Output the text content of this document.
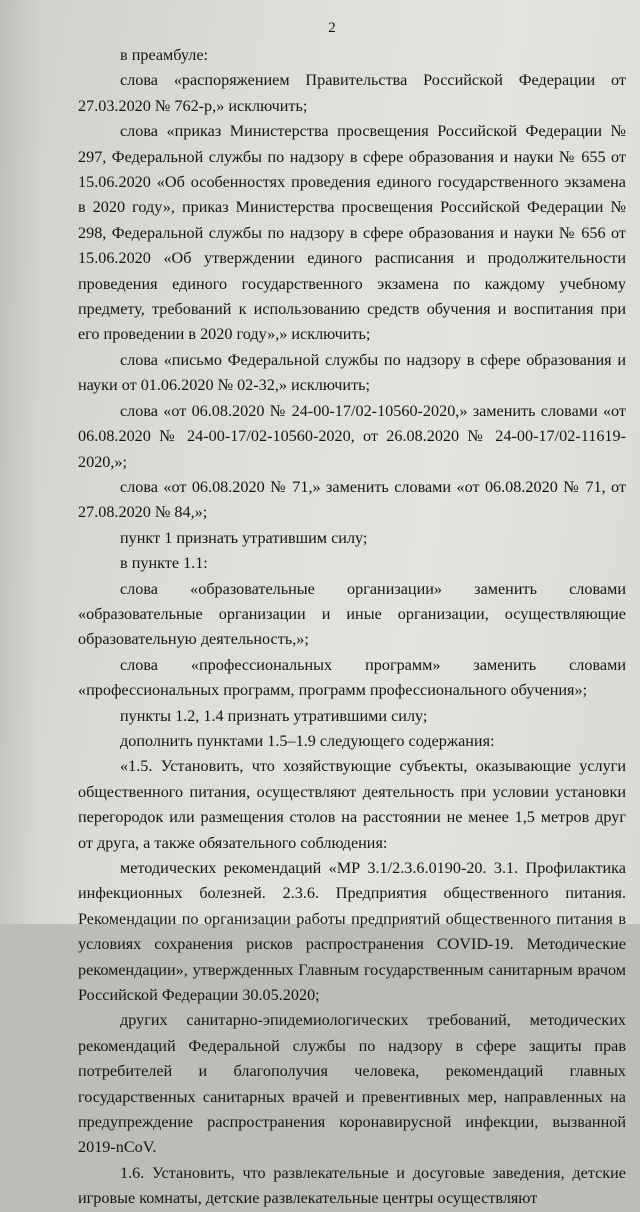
2

в преамбуле:

слова «распоряжением Правительства Российской Федерации от 27.03.2020 № 762-р,» исключить;

слова «приказ Министерства просвещения Российской Федерации № 297, Федеральной службы по надзору в сфере образования и науки № 655 от 15.06.2020 «Об особенностях проведения единого государственного экзамена в 2020 году», приказ Министерства просвещения Российской Федерации № 298, Федеральной службы по надзору в сфере образования и науки № 656 от 15.06.2020 «Об утверждении единого расписания и продолжительности проведения единого государственного экзамена по каждому учебному предмету, требований к использованию средств обучения и воспитания при его проведении в 2020 году»,» исключить;

слова «письмо Федеральной службы по надзору в сфере образования и науки от 01.06.2020 № 02-32,» исключить;

слова «от 06.08.2020 № 24-00-17/02-10560-2020,» заменить словами «от 06.08.2020 № 24-00-17/02-10560-2020, от 26.08.2020 № 24-00-17/02-11619-2020,»;

слова «от 06.08.2020 № 71,» заменить словами «от 06.08.2020 № 71, от 27.08.2020 № 84,»;

пункт 1 признать утратившим силу;

в пункте 1.1:

слова «образовательные организации» заменить словами «образовательные организации и иные организации, осуществляющие образовательную деятельность,»;

слова «профессиональных программ» заменить словами «профессиональных программ, программ профессионального обучения»;

пункты 1.2, 1.4 признать утратившими силу;

дополнить пунктами 1.5–1.9 следующего содержания:

«1.5. Установить, что хозяйствующие субъекты, оказывающие услуги общественного питания, осуществляют деятельность при условии установки перегородок или размещения столов на расстоянии не менее 1,5 метров друг от друга, а также обязательного соблюдения:

методических рекомендаций «МР 3.1/2.3.6.0190-20. 3.1. Профилактика инфекционных болезней. 2.3.6. Предприятия общественного питания. Рекомендации по организации работы предприятий общественного питания в условиях сохранения рисков распространения COVID-19. Методические рекомендации», утвержденных Главным государственным санитарным врачом Российской Федерации 30.05.2020;

других санитарно-эпидемиологических требований, методических рекомендаций Федеральной службы по надзору в сфере защиты прав потребителей и благополучия человека, рекомендаций главных государственных санитарных врачей и превентивных мер, направленных на предупреждение распространения коронавирусной инфекции, вызванной 2019-nCoV.

1.6. Установить, что развлекательные и досуговые заведения, детские игровые комнаты, детские развлекательные центры осуществляют
